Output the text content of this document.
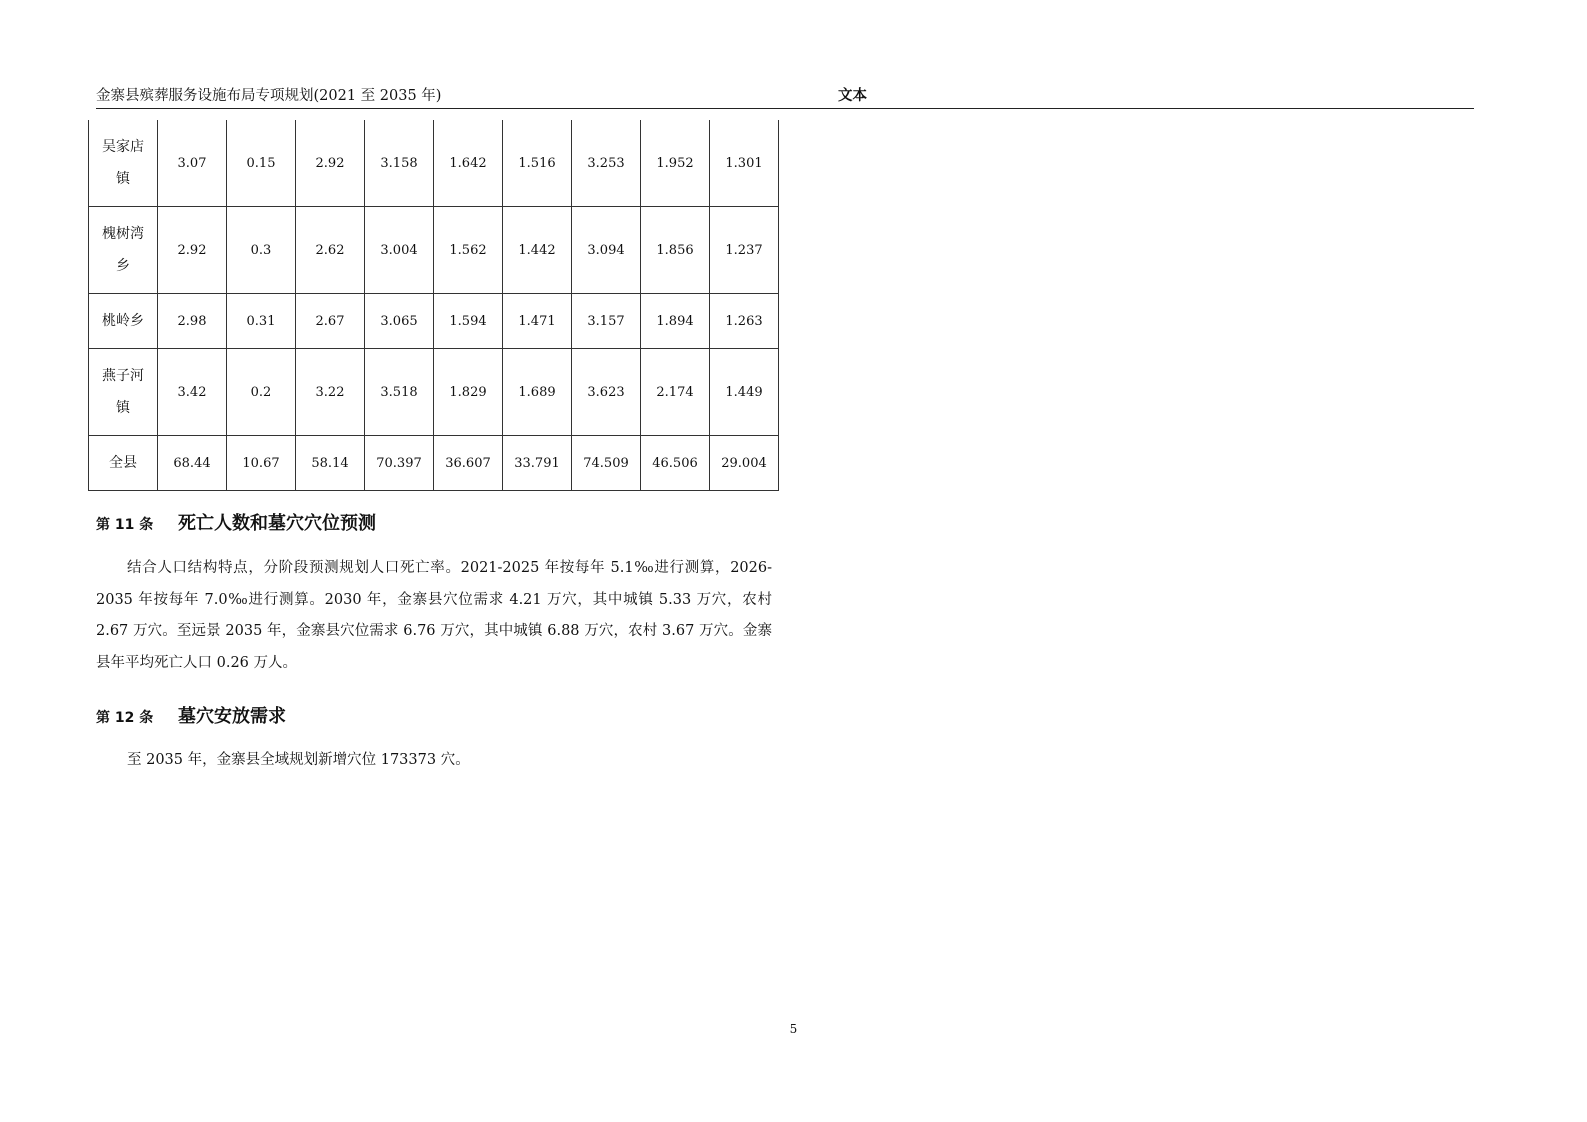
金寨县殡葬服务设施布局专项规划(2021 至 2035 年)	文本
吴家店镇	3.07	0.15	2.92	3.158	1.642	1.516	3.253	1.952	1.301
槐树湾乡	2.92	0.3	2.62	3.004	1.562	1.442	3.094	1.856	1.237
桃岭乡	2.98	0.31	2.67	3.065	1.594	1.471	3.157	1.894	1.263
燕子河镇	3.42	0.2	3.22	3.518	1.829	1.689	3.623	2.174	1.449
全县	68.44	10.67	58.14	70.397	36.607	33.791	74.509	46.506	29.004
第 11 条 死亡人数和墓穴穴位预测
结合人口结构特点，分阶段预测规划人口死亡率。2021-2025 年按每年 5.1‰进行测算，2026-2035 年按每年 7.0‰进行测算。2030 年，金寨县穴位需求 4.21 万穴，其中城镇 5.33 万穴，农村 2.67 万穴。至远景 2035 年，金寨县穴位需求 6.76 万穴，其中城镇 6.88 万穴，农村 3.67 万穴。金寨县年平均死亡人口 0.26 万人。
第 12 条 墓穴安放需求
至 2035 年，金寨县全域规划新增穴位 173373 穴。
5
